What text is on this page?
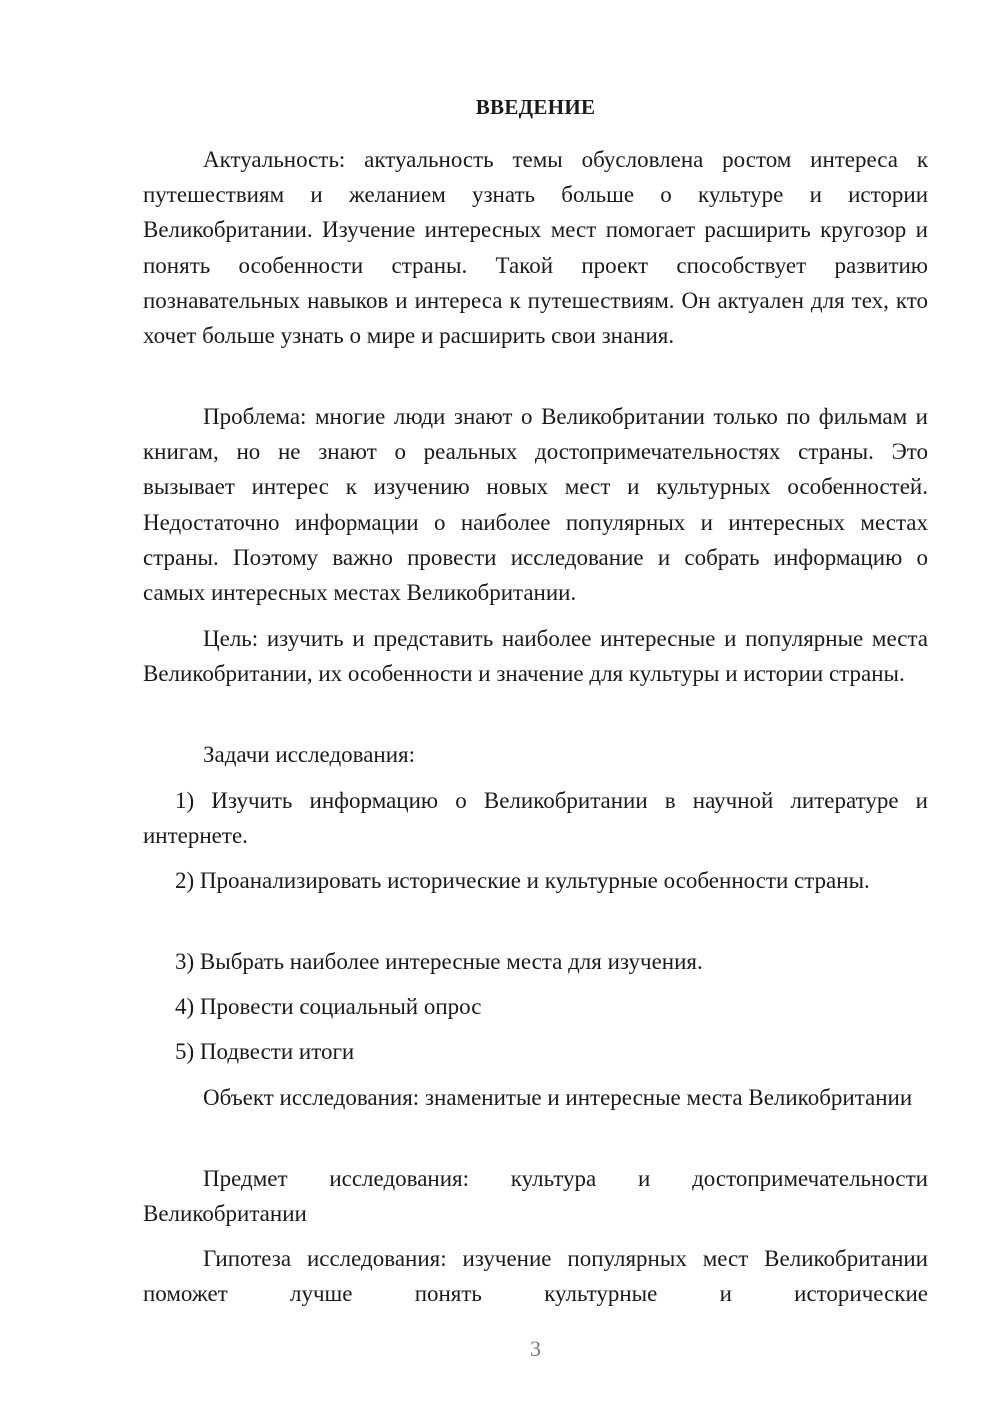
ВВЕДЕНИЕ

Актуальность: актуальность темы обусловлена ростом интереса к путешествиям и желанием узнать больше о культуре и истории Великобритании. Изучение интересных мест помогает расширить кругозор и понять особенности страны. Такой проект способствует развитию познавательных навыков и интереса к путешествиям. Он актуален для тех, кто хочет больше узнать о мире и расширить свои знания.

Проблема: многие люди знают о Великобритании только по фильмам и книгам, но не знают о реальных достопримечательностях страны. Это вызывает интерес к изучению новых мест и культурных особенностей. Недостаточно информации о наиболее популярных и интересных местах страны. Поэтому важно провести исследование и собрать информацию о самых интересных местах Великобритании.

Цель: изучить и представить наиболее интересные и популярные места Великобритании, их особенности и значение для культуры и истории страны.

Задачи исследования:

1) Изучить информацию о Великобритании в научной литературе и интернете.

2) Проанализировать исторические и культурные особенности страны.

3) Выбрать наиболее интересные места для изучения.

4) Провести социальный опрос

5) Подвести итоги

Объект исследования: знаменитые и интересные места Великобритании

Предмет исследования: культура и достопримечательности Великобритании

Гипотеза исследования: изучение популярных мест Великобритании поможет лучше понять культурные и исторические

3
